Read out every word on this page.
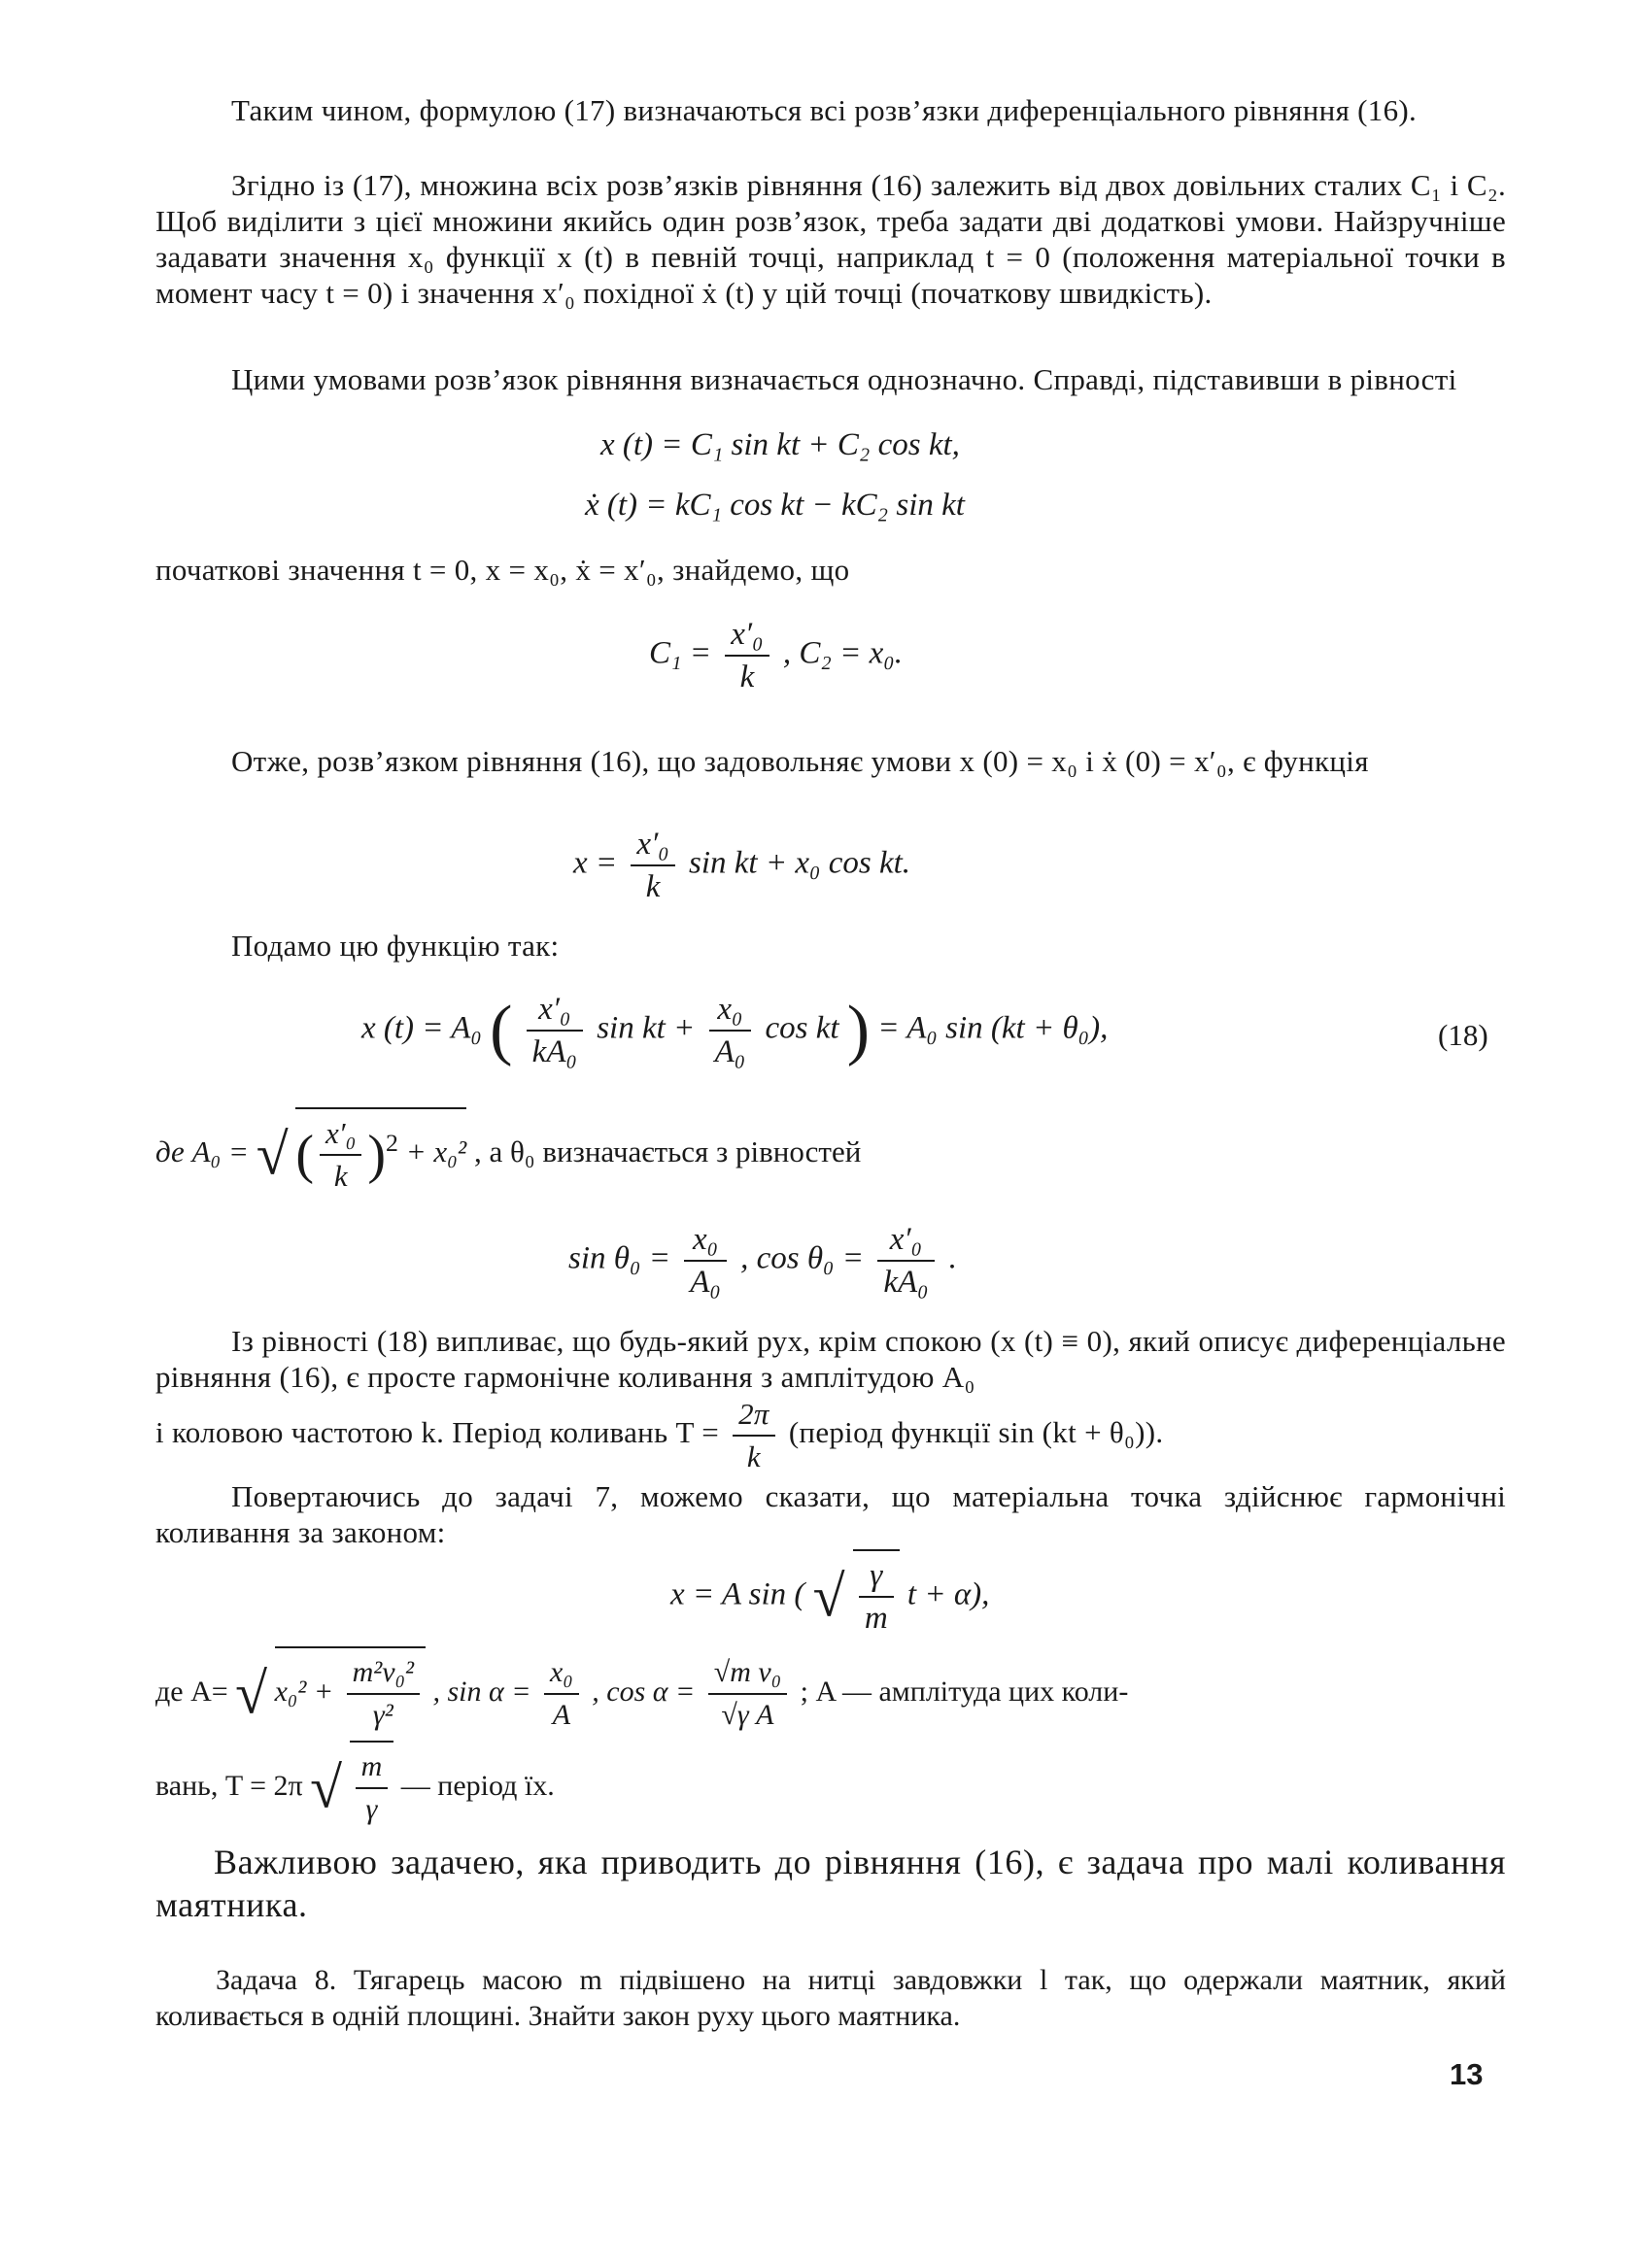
Таким чином, формулою (17) визначаються всі розв’язки диференціального рівняння (16).

Згідно із (17), множина всіх розв’язків рівняння (16) залежить від двох довільних сталих C₁ і C₂. Щоб виділити з цієї множини якийсь один розв’язок, треба задати дві додаткові умови. Найзручніше задавати значення x₀ функції x (t) в певній точці, наприклад t = 0 (положення матеріальної точки в момент часу t = 0) і значення x′₀ похідної ẋ (t) у цій точці (початкову швидкість).

Цими умовами розв’язок рівняння визначається однозначно. Справді, підставивши в рівності

x (t) = C₁ sin kt + C₂ cos kt,
ẋ (t) = kC₁ cos kt − kC₂ sin kt

початкові значення t = 0, x = x₀, ẋ = x′₀, знайдемо, що

$C_1 = \frac{\text{x′₀}}{k}$ , C₂ = x₀.

Отже, розв’язком рівняння (16), що задовольняє умови x (0) = x₀ і ẋ (0) = x′₀, є функція

$x = \frac{\text{x′₀}}{k}$ sin kt + x₀ cos kt.

Подамо цю функцію так:

x (t) = A₀ ( $\frac{\text{x′₀}}{\text{kA₀}}$ sin kt + $\frac{\text{x₀}}{\text{A₀}}$ cos kt ) = A₀ sin (kt + θ₀),	(18)
де A₀ = √ ( $\frac{\text{x′₀}}{k} )^2 + x_0^2$ , а θ₀ визначається з рівностей
$\sin \theta_0 = \frac{\text{x₀}}{\text{A₀}}$ , $\cos \theta_0 = \frac{\text{x′₀}}{\text{kA₀}}$ .

Із рівності (18) випливає, що будь-який рух, крім спокою (x (t) ≡ 0), який описує диференціальне рівняння (16), є просте гармонічне коливання з амплітудою A₀

і коловою частотою k. Період коливань $T = \frac{2\pi}{k}$ (період функції sin (kt + θ₀)).

Повертаючись до задачі 7, можемо сказати, що матеріальна точка здійснює гармонічні коливання за законом:

x = A sin ( √ $\frac{\gamma}{m}$ t + α),
де A= √ $x_0^2 + \frac{\text{m²v₀²}}{\text{γ²}}$ , $\sin \alpha = \frac{\text{x₀}}{A}$ , $\cos \alpha = \frac{\text{√m v₀}}{\text{√γ A}}$ ; A — амплітуда цих коли-
вань, T = 2π √ $\frac{m}{\gamma}$ — період їх.

Важливою задачею, яка приводить до рівняння (16), є задача про малі коливання маятника.

Задача 8. Тягарець масою m підвішено на нитці завдовжки l так, що одержали маятник, який коливається в одній площині. Знайти закон руху цього маятника.

13
